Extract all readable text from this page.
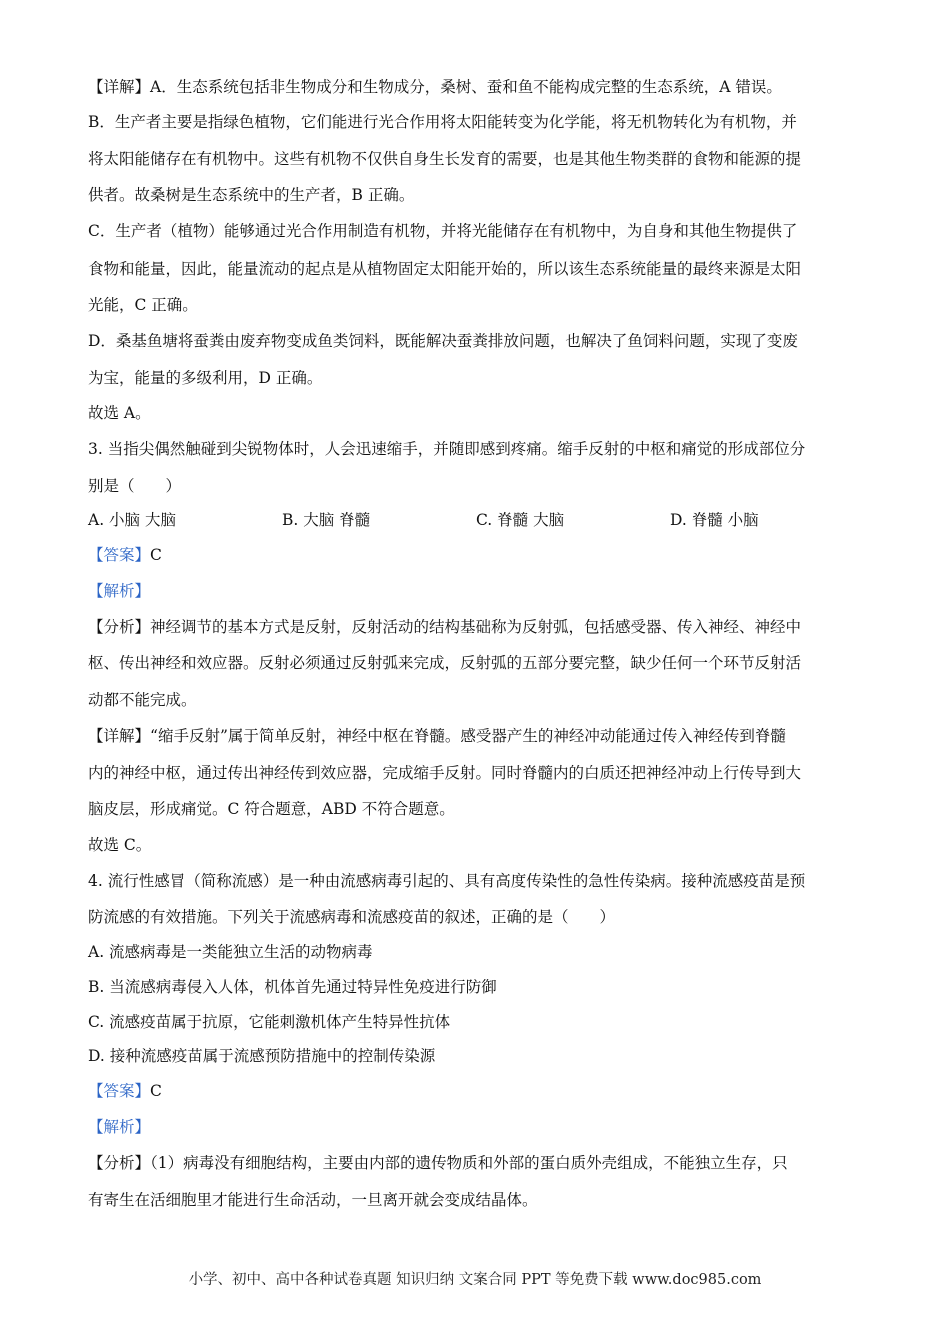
【详解】A．生态系统包括非生物成分和生物成分，桑树、蚕和鱼不能构成完整的生态系统，A 错误。
B．生产者主要是指绿色植物，它们能进行光合作用将太阳能转变为化学能，将无机物转化为有机物，并
将太阳能储存在有机物中。这些有机物不仅供自身生长发育的需要，也是其他生物类群的食物和能源的提
供者。故桑树是生态系统中的生产者，B 正确。
C．生产者（植物）能够通过光合作用制造有机物，并将光能储存在有机物中，为自身和其他生物提供了
食物和能量，因此，能量流动的起点是从植物固定太阳能开始的，所以该生态系统能量的最终来源是太阳
光能，C 正确。
D．桑基鱼塘将蚕粪由废弃物变成鱼类饲料，既能解决蚕粪排放问题，也解决了鱼饲料问题，实现了变废
为宝，能量的多级利用，D 正确。
故选 A。
3. 当指尖偶然触碰到尖锐物体时，人会迅速缩手，并随即感到疼痛。缩手反射的中枢和痛觉的形成部位分
别是（　　）
A. 小脑 大脑	B. 大脑 脊髓	C. 脊髓 大脑	D. 脊髓 小脑
【答案】C
【解析】
【分析】神经调节的基本方式是反射，反射活动的结构基础称为反射弧，包括感受器、传入神经、神经中
枢、传出神经和效应器。反射必须通过反射弧来完成，反射弧的五部分要完整，缺少任何一个环节反射活
动都不能完成。
【详解】“缩手反射”属于简单反射，神经中枢在脊髓。感受器产生的神经冲动能通过传入神经传到脊髓
内的神经中枢，通过传出神经传到效应器，完成缩手反射。同时脊髓内的白质还把神经冲动上行传导到大
脑皮层，形成痛觉。C 符合题意，ABD 不符合题意。
故选 C。
4. 流行性感冒（简称流感）是一种由流感病毒引起的、具有高度传染性的急性传染病。接种流感疫苗是预
防流感的有效措施。下列关于流感病毒和流感疫苗的叙述，正确的是（　　）
A. 流感病毒是一类能独立生活的动物病毒
B. 当流感病毒侵入人体，机体首先通过特异性免疫进行防御
C. 流感疫苗属于抗原，它能刺激机体产生特异性抗体
D. 接种流感疫苗属于流感预防措施中的控制传染源
【答案】C
【解析】
【分析】（1）病毒没有细胞结构，主要由内部的遗传物质和外部的蛋白质外壳组成，不能独立生存，只
有寄生在活细胞里才能进行生命活动，一旦离开就会变成结晶体。
小学、初中、高中各种试卷真题 知识归纳 文案合同 PPT 等免费下载 www.doc985.com
